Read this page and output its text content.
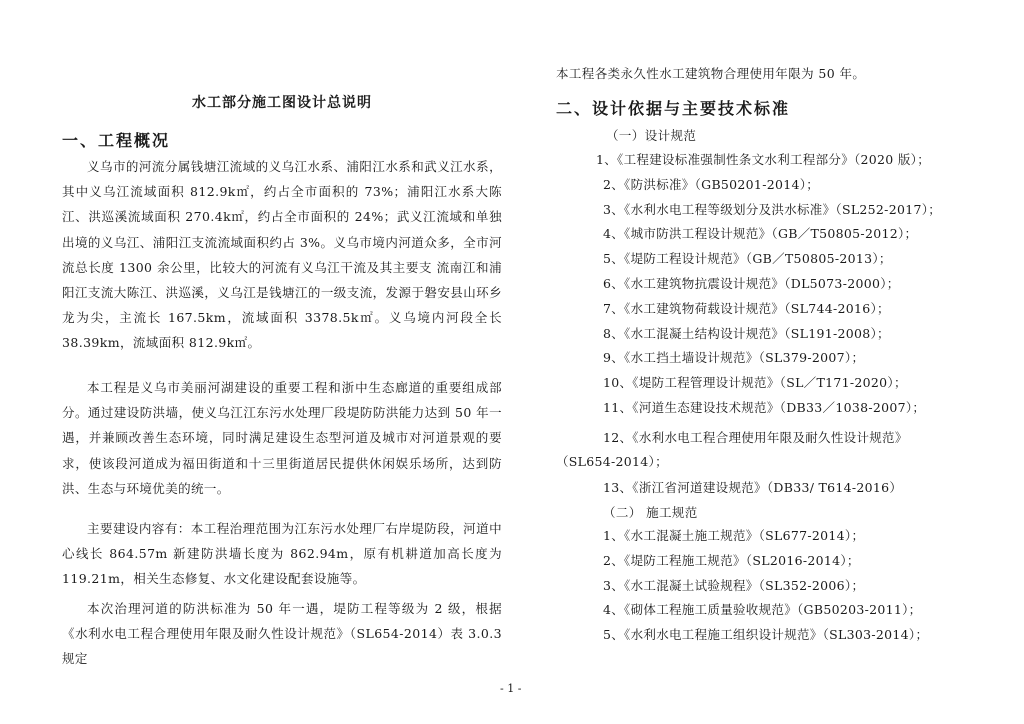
水工部分施工图设计总说明
一、工程概况

义乌市的河流分属钱塘江流域的义乌江水系、浦阳江水系和武义江水系，其中义乌江流域面积 812.9k㎡，约占全市面积的 73%；浦阳江水系大陈江、洪巡溪流域面积 270.4k㎡，约占全市面积的 24%；武义江流域和单独出境的义乌江、浦阳江支流流域面积约占 3%。义乌市境内河道众多，全市河流总长度 1300 余公里，比较大的河流有义乌江干流及其主要支 流南江和浦阳江支流大陈江、洪巡溪，义乌江是钱塘江的一级支流，发源于磐安县山环乡龙为尖，主流长 167.5km，流域面积 3378.5k㎡。义乌境内河段全长 38.39km，流域面积 812.9k㎡。

本工程是义乌市美丽河湖建设的重要工程和浙中生态廊道的重要组成部分。通过建设防洪墙，使义乌江江东污水处理厂段堤防防洪能力达到 50 年一遇，并兼顾改善生态环境，同时满足建设生态型河道及城市对河道景观的要求，使该段河道成为福田街道和十三里街道居民提供休闲娱乐场所，达到防洪、生态与环境优美的统一。

主要建设内容有：本工程治理范围为江东污水处理厂右岸堤防段，河道中心线长 864.57m 新建防洪墙长度为 862.94m，原有机耕道加高长度为 119.21m，相关生态修复、水文化建设配套设施等。

本次治理河道的防洪标准为 50 年一遇，堤防工程等级为 2 级，根据《水利水电工程合理使用年限及耐久性设计规范》（SL654-2014）表 3.0.3 规定

本工程各类永久性水工建筑物合理使用年限为 50 年。
二、设计依据与主要技术标准
（一）设计规范
1、《工程建设标准强制性条文水利工程部分》（2020 版）；
2、《防洪标准》（GB50201-2014）；
3、《水利水电工程等级划分及洪水标准》（SL252-2017）；
4、《城市防洪工程设计规范》（GB／T50805-2012）；
5、《堤防工程设计规范》（GB／T50805-2013）；
6、《水工建筑物抗震设计规范》（DL5073-2000）；
7、《水工建筑物荷载设计规范》（SL744-2016）；
8、《水工混凝土结构设计规范》（SL191-2008）；
9、《水工挡土墙设计规范》（SL379-2007）；
10、《堤防工程管理设计规范》（SL／T171-2020）；
11、《河道生态建设技术规范》（DB33／1038-2007）；
12、《水利水电工程合理使用年限及耐久性设计规范》
（SL654-2014）；
13、《浙江省河道建设规范》（DB33/ T614-2016）
（二） 施工规范
1、《水工混凝土施工规范》（SL677-2014）；
2、《堤防工程施工规范》（SL2016-2014）；
3、《水工混凝土试验规程》（SL352-2006）；
4、《砌体工程施工质量验收规范》（GB50203-2011）；
5、《水利水电工程施工组织设计规范》（SL303-2014）；
- 1 -
